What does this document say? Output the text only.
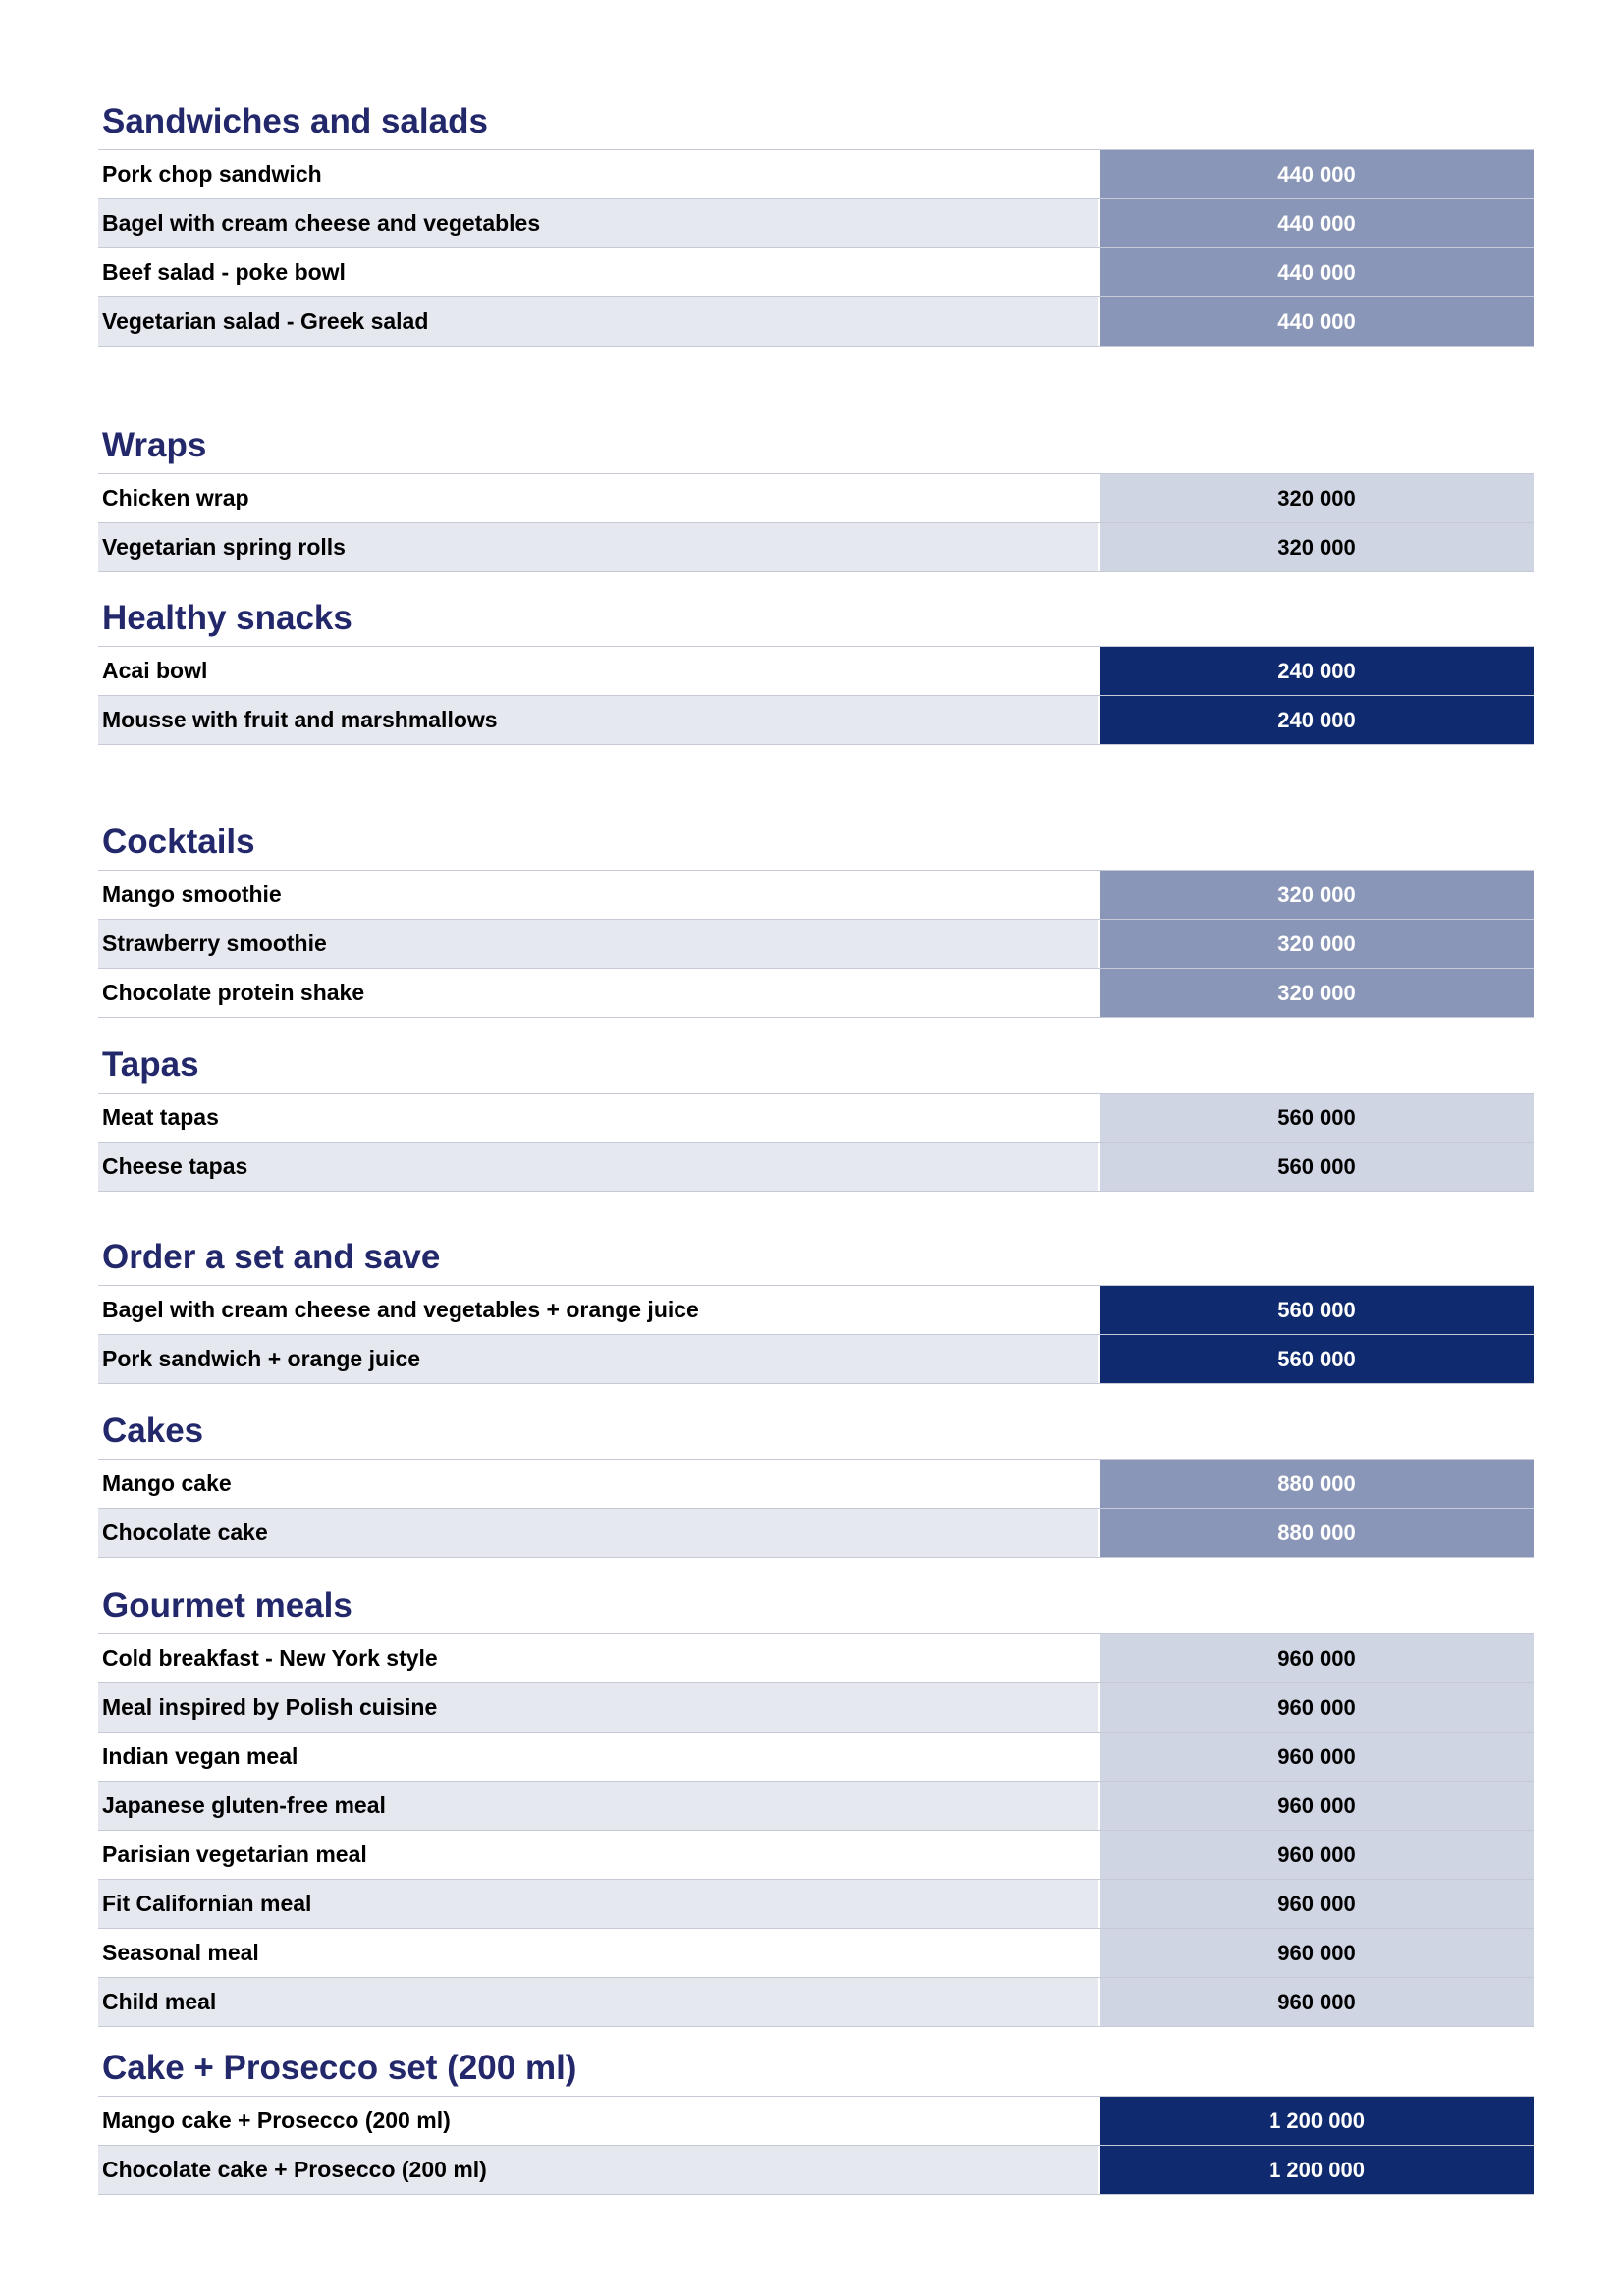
Sandwiches and salads
Pork chop sandwich	440 000
Bagel with cream cheese and vegetables	440 000
Beef salad - poke bowl	440 000
Vegetarian salad - Greek salad	440 000
Wraps
Chicken wrap	320 000
Vegetarian spring rolls	320 000
Healthy snacks
Acai bowl	240 000
Mousse with fruit and marshmallows	240 000
Cocktails
Mango smoothie	320 000
Strawberry smoothie	320 000
Chocolate protein shake	320 000
Tapas
Meat tapas	560 000
Cheese tapas	560 000
Order a set and save
Bagel with cream cheese and vegetables + orange juice	560 000
Pork sandwich + orange juice	560 000
Cakes
Mango cake	880 000
Chocolate cake	880 000
Gourmet meals
Cold breakfast - New York style	960 000
Meal inspired by Polish cuisine	960 000
Indian vegan meal	960 000
Japanese gluten-free meal	960 000
Parisian vegetarian meal	960 000
Fit Californian meal	960 000
Seasonal meal	960 000
Child meal	960 000
Cake + Prosecco set (200 ml)
Mango cake + Prosecco (200 ml)	1 200 000
Chocolate cake + Prosecco (200 ml)	1 200 000
